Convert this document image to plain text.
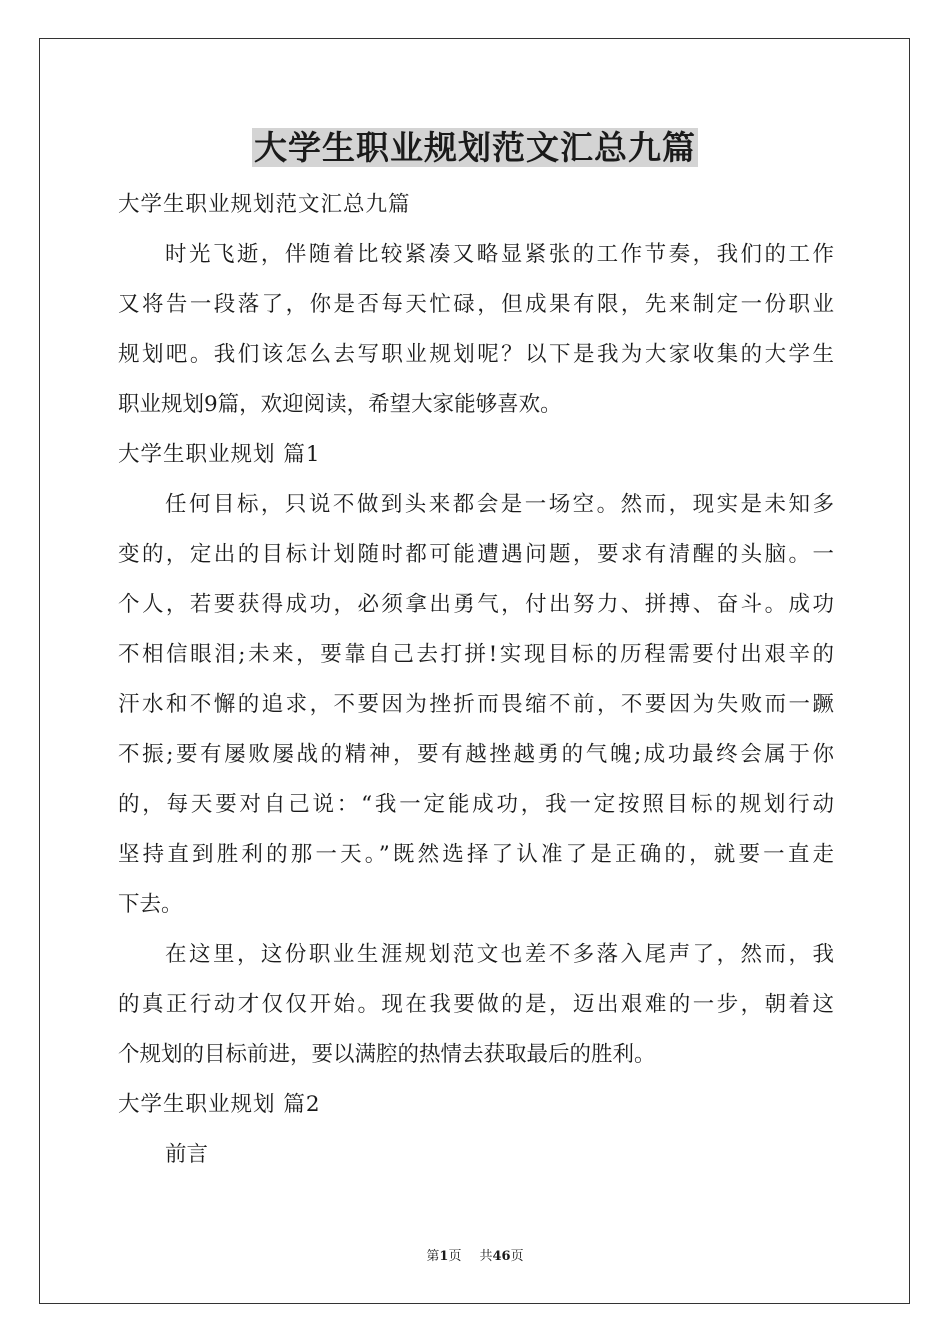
大学生职业规划范文汇总九篇
大学生职业规划范文汇总九篇
时光飞逝，伴随着比较紧凑又略显紧张的工作节奏，我们的工作
又将告一段落了，你是否每天忙碌，但成果有限，先来制定一份职业
规划吧。我们该怎么去写职业规划呢？以下是我为大家收集的大学生
职业规划9篇，欢迎阅读，希望大家能够喜欢。
大学生职业规划 篇1
任何目标，只说不做到头来都会是一场空。然而，现实是未知多
变的，定出的目标计划随时都可能遭遇问题，要求有清醒的头脑。一
个人，若要获得成功，必须拿出勇气，付出努力、拼搏、奋斗。成功
不相信眼泪;未来，要靠自己去打拼!实现目标的历程需要付出艰辛的
汗水和不懈的追求，不要因为挫折而畏缩不前，不要因为失败而一蹶
不振;要有屡败屡战的精神，要有越挫越勇的气魄;成功最终会属于你
的，每天要对自己说：“我一定能成功，我一定按照目标的规划行动
坚持直到胜利的那一天。”既然选择了认准了是正确的，就要一直走
下去。
在这里，这份职业生涯规划范文也差不多落入尾声了，然而，我
的真正行动才仅仅开始。现在我要做的是，迈出艰难的一步，朝着这
个规划的目标前进，要以满腔的热情去获取最后的胜利。
大学生职业规划 篇2
前言
第1页 共46页
